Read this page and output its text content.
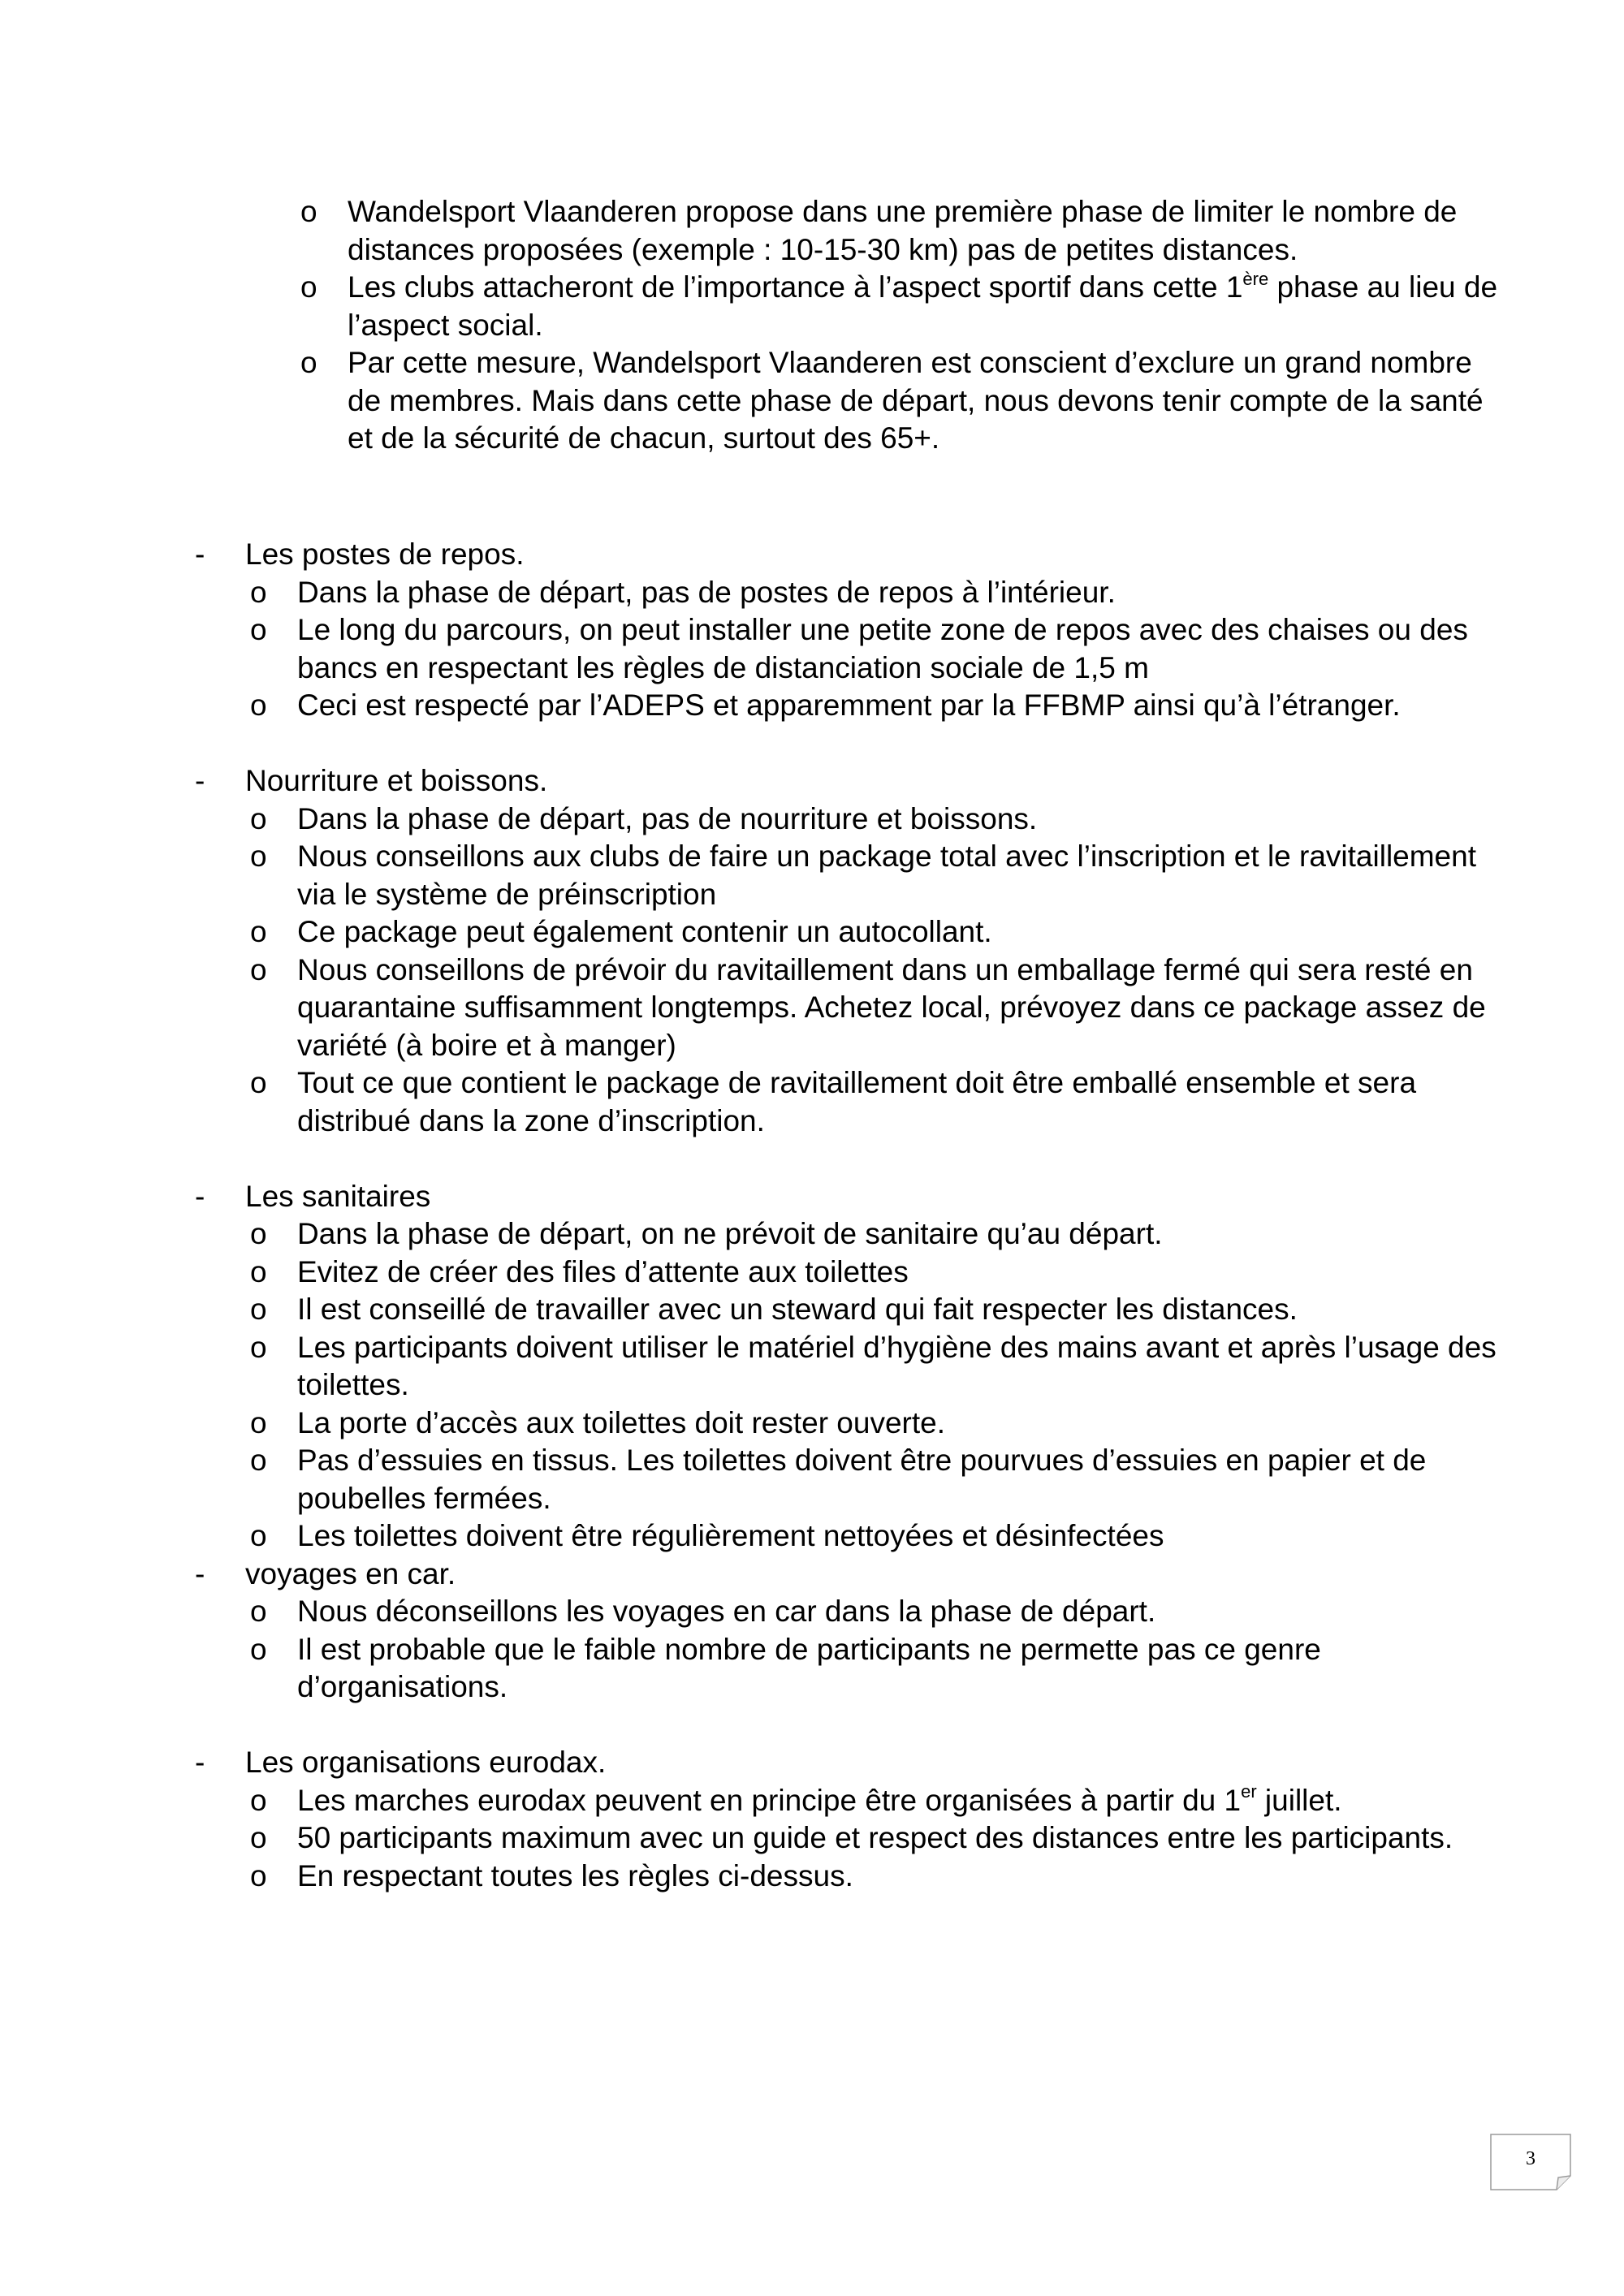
o Wandelsport Vlaanderen propose dans une première phase de limiter le nombre de distances proposées (exemple : 10-15-30 km) pas de petites distances.
o Les clubs attacheront de l’importance à l’aspect sportif dans cette 1ère phase au lieu de l’aspect social.
o Par cette mesure, Wandelsport Vlaanderen est conscient d’exclure un grand nombre de membres. Mais dans cette phase de départ, nous devons tenir compte de la santé et de la sécurité de chacun, surtout des 65+.
- Les postes de repos.
o Dans la phase de départ, pas de postes de repos à l’intérieur.
o Le long du parcours, on peut installer une petite zone de repos avec des chaises ou des bancs en respectant les règles de distanciation sociale de 1,5 m
o Ceci est respecté par l’ADEPS et apparemment par la FFBMP ainsi qu’à l’étranger.
- Nourriture et boissons.
o Dans la phase de départ, pas de nourriture et boissons.
o Nous conseillons aux clubs de faire un package total avec l’inscription et le ravitaillement via le système de préinscription
o Ce package peut également contenir un autocollant.
o Nous conseillons de prévoir du ravitaillement dans un emballage fermé qui sera resté en quarantaine suffisamment longtemps. Achetez local, prévoyez dans ce package assez de variété (à boire et à manger)
o Tout ce que contient le package de ravitaillement doit être emballé ensemble et sera distribué dans la zone d’inscription.
- Les sanitaires
o Dans la phase de départ, on ne prévoit de sanitaire qu’au départ.
o Evitez de créer des files d’attente aux toilettes
o Il est conseillé de travailler avec un steward qui fait respecter les distances.
o Les participants doivent utiliser le matériel d’hygiène des mains avant et après l’usage des toilettes.
o La porte d’accès aux toilettes doit rester ouverte.
o Pas d’essuies en tissus. Les toilettes doivent être pourvues d’essuies en papier et de poubelles fermées.
o Les toilettes doivent être régulièrement nettoyées et désinfectées
- voyages en car.
o Nous déconseillons les voyages en car dans la phase de départ.
o Il est probable que le faible nombre de participants ne permette pas ce genre d’organisations.
- Les organisations eurodax.
o Les marches eurodax peuvent en principe être organisées à partir du 1er juillet.
o 50 participants maximum avec un guide et respect des distances entre les participants.
o En respectant toutes les règles ci-dessus.
3
